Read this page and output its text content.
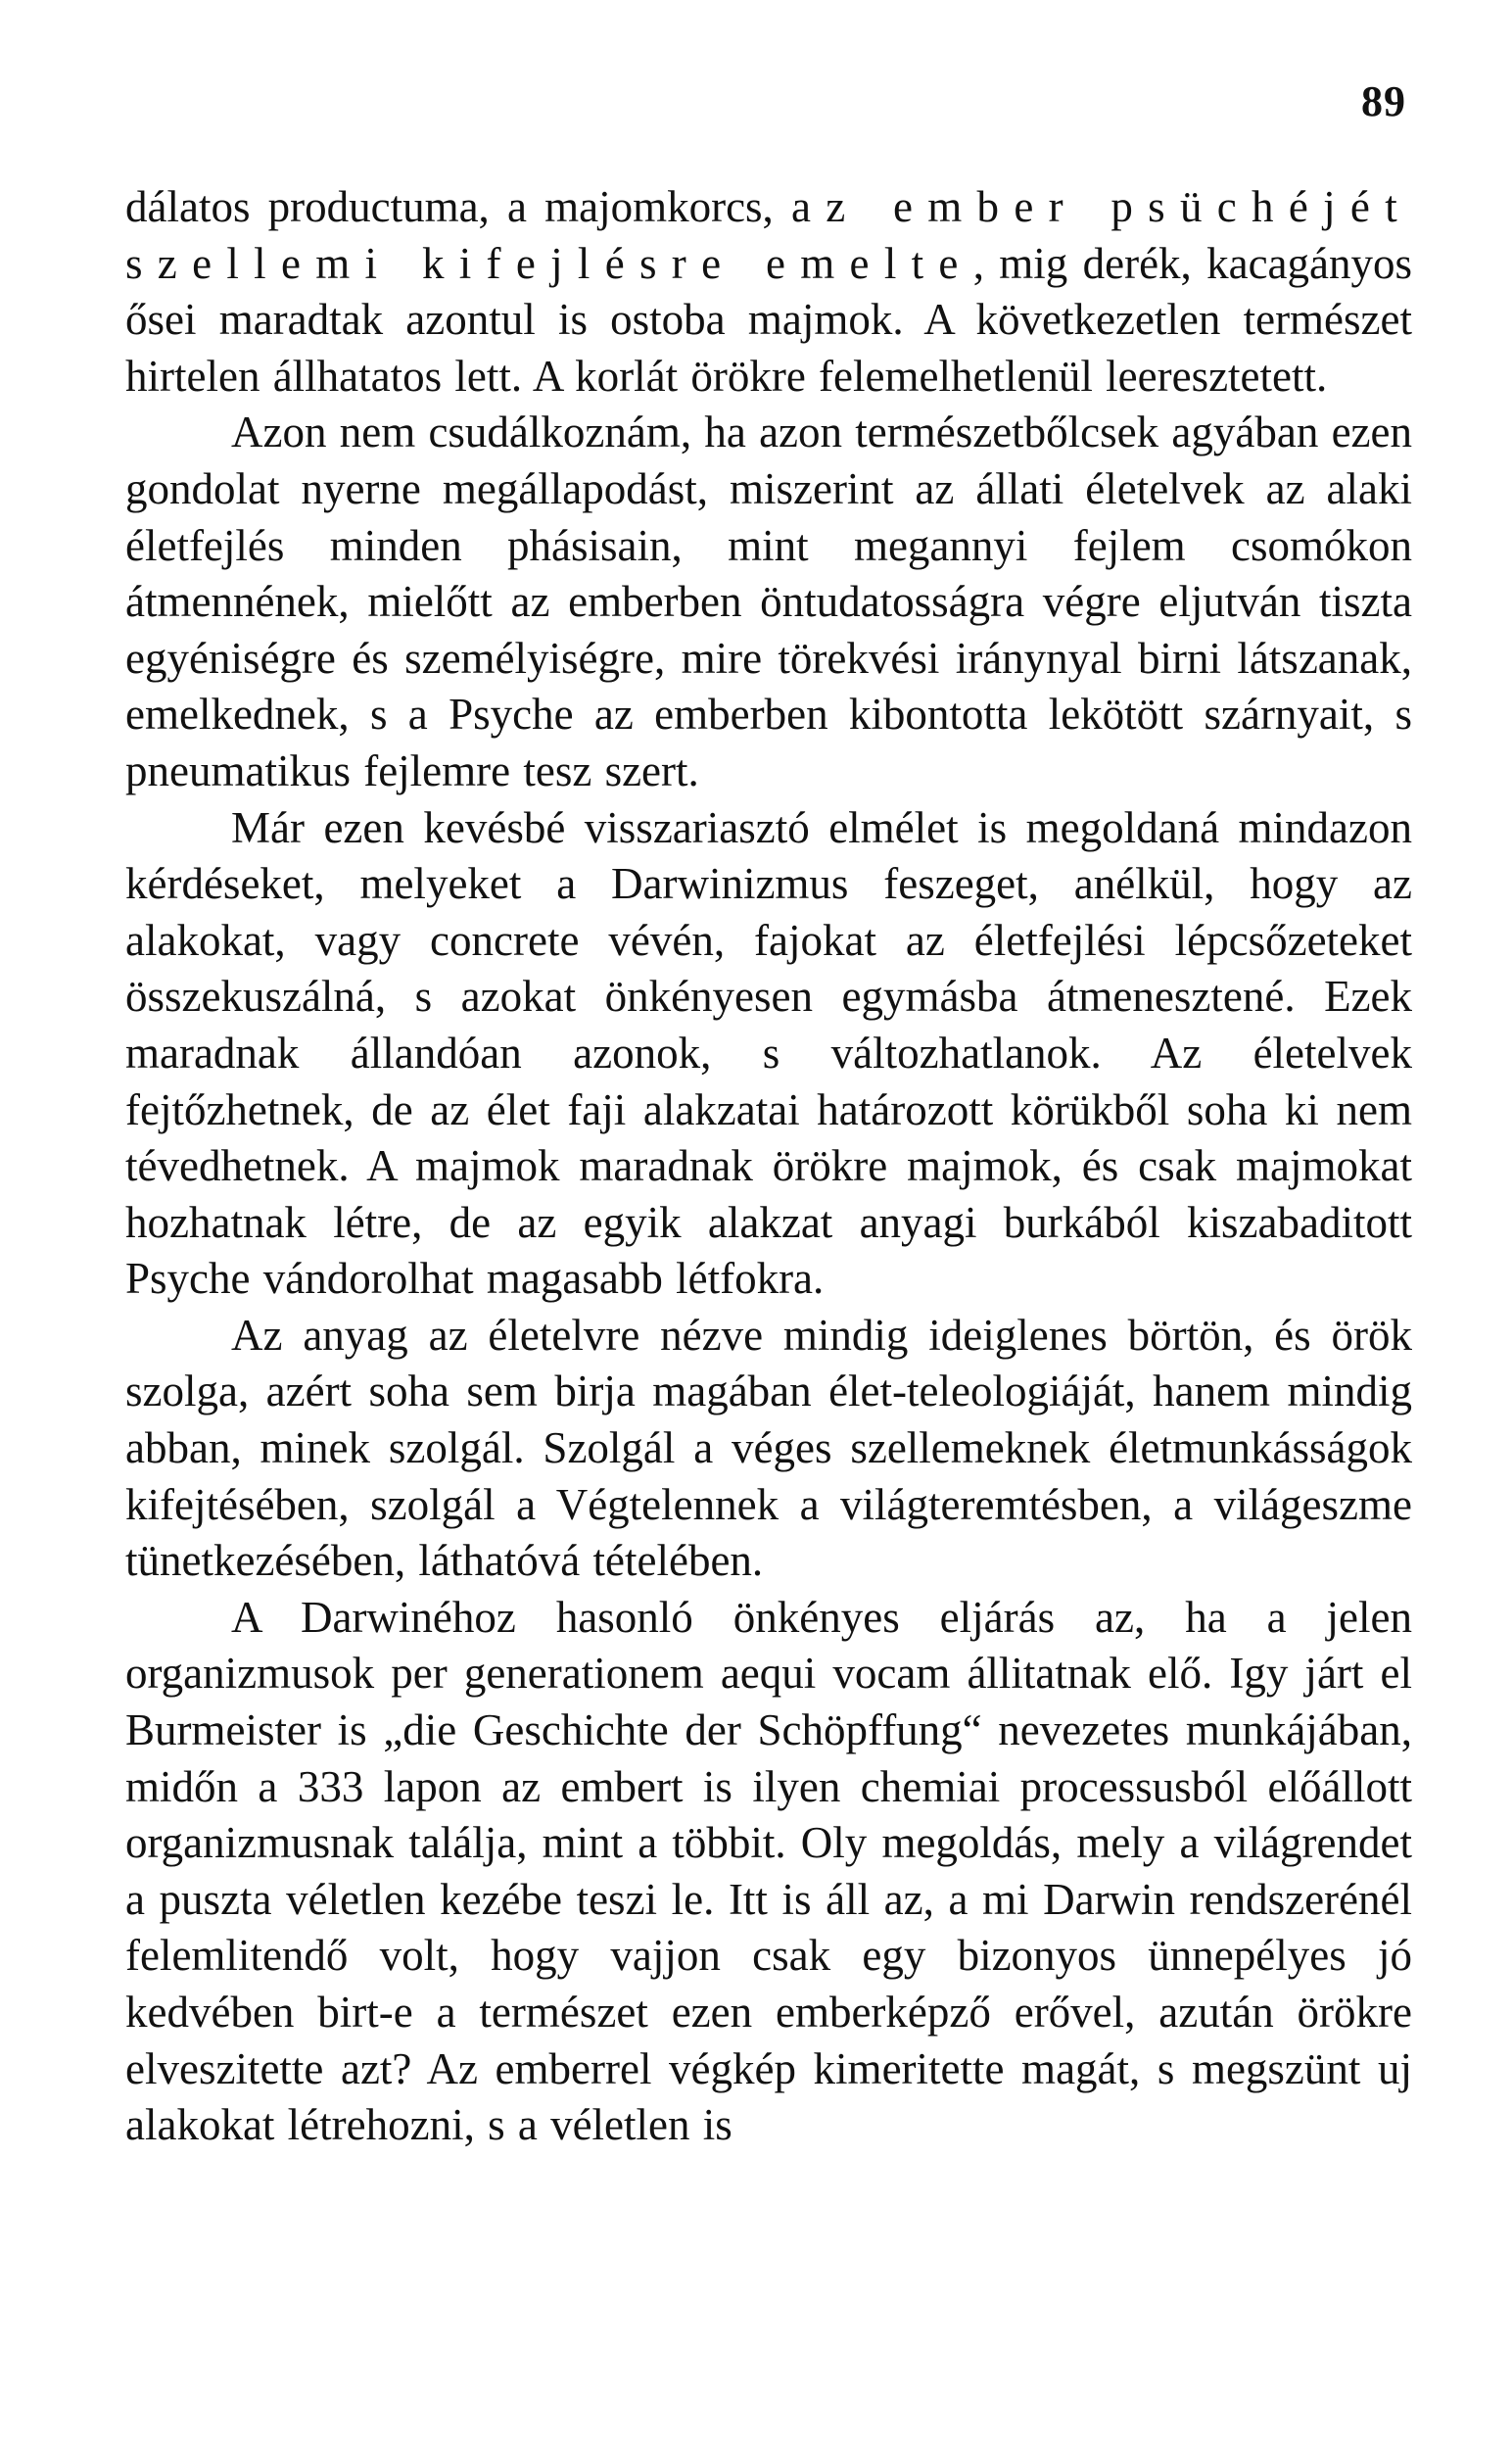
89

dálatos productuma, a majomkorcs, az ember psüchéjét szellemi kifejlésre emelte, mig derék, kacagányos ősei maradtak azontul is ostoba majmok. A következetlen természet hirtelen állhatatos lett. A korlát örökre felemelhetlenül leeresztetett.

Azon nem csudálkoznám, ha azon természetbőlcsek agyában ezen gondolat nyerne megállapodást, miszerint az állati életelvek az alaki életfejlés minden phásisain, mint megannyi fejlem csomókon átmennének, mielőtt az emberben öntudatosságra végre eljutván tiszta egyéniségre és személyiségre, mire törekvési iránynyal birni látszanak, emelkednek, s a Psyche az emberben kibontotta lekötött szárnyait, s pneumatikus fejlemre tesz szert.

Már ezen kevésbé visszariasztó elmélet is megoldaná mindazon kérdéseket, melyeket a Darwinizmus feszeget, anélkül, hogy az alakokat, vagy concrete vévén, fajokat az életfejlési lépcsőzeteket összekuszálná, s azokat önkényesen egymásba átmenesztené. Ezek maradnak állandóan azonok, s változhatlanok. Az életelvek fejtőzhetnek, de az élet faji alakzatai határozott körükből soha ki nem tévedhetnek. A majmok maradnak örökre majmok, és csak majmokat hozhatnak létre, de az egyik alakzat anyagi burkából kiszabaditott Psyche vándorolhat magasabb létfokra.

Az anyag az életelvre nézve mindig ideiglenes börtön, és örök szolga, azért soha sem birja magában élet-teleologiáját, hanem mindig abban, minek szolgál. Szolgál a véges szellemeknek életmunkásságok kifejtésében, szolgál a Végtelennek a világteremtésben, a világeszme tünetkezésében, láthatóvá tételében.

A Darwinéhoz hasonló önkényes eljárás az, ha a jelen organizmusok per generationem aequi vocam állitatnak elő. Igy járt el Burmeister is „die Geschichte der Schöpffung“ nevezetes munkájában, midőn a 333 lapon az embert is ilyen chemiai processusból előállott organizmusnak találja, mint a többit. Oly megoldás, mely a világrendet a puszta véletlen kezébe teszi le. Itt is áll az, a mi Darwin rendszerénél felemlitendő volt, hogy vajjon csak egy bizonyos ünnepélyes jó kedvében birt-e a természet ezen emberképző erővel, azután örökre elveszitette azt? Az emberrel végkép kimeritette magát, s megszünt uj alakokat létrehozni, s a véletlen is
